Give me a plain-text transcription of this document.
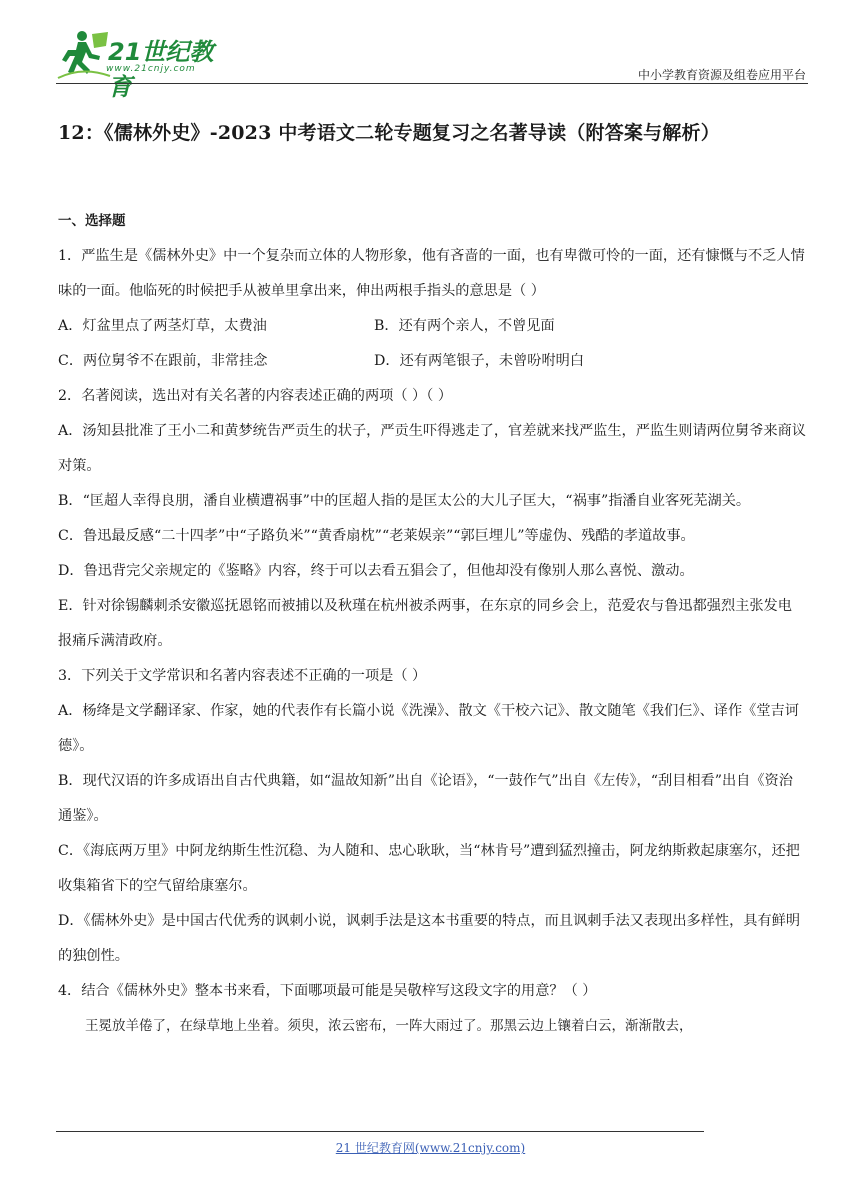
21世纪教育
www.21cnjy.com	中小学教育资源及组卷应用平台
12：《儒林外史》-2023 中考语文二轮专题复习之名著导读（附答案与解析）

一、选择题

1．严监生是《儒林外史》中一个复杂而立体的人物形象，他有吝啬的一面，也有卑微可怜的一面，还有慷慨与不乏人情味的一面。他临死的时候把手从被单里拿出来，伸出两根手指头的意思是（ ）

A．灯盆里点了两茎灯草，太费油	B．还有两个亲人，不曾见面
C．两位舅爷不在跟前，非常挂念	D．还有两笔银子，未曾吩咐明白

2．名著阅读，选出对有关名著的内容表述正确的两项（ ）（ ）

A．汤知县批准了王小二和黄梦统告严贡生的状子，严贡生吓得逃走了，官差就来找严监生，严监生则请两位舅爷来商议对策。

B．“匡超人幸得良朋，潘自业横遭祸事”中的匡超人指的是匡太公的大儿子匡大，“祸事”指潘自业客死芜湖关。

C．鲁迅最反感“二十四孝”中“子路负米”“黄香扇枕”“老莱娱亲”“郭巨埋儿”等虚伪、残酷的孝道故事。

D．鲁迅背完父亲规定的《鉴略》内容，终于可以去看五猖会了，但他却没有像别人那么喜悦、激动。

E．针对徐锡麟刺杀安徽巡抚恩铭而被捕以及秋瑾在杭州被杀两事，在东京的同乡会上，范爱农与鲁迅都强烈主张发电报痛斥满清政府。

3．下列关于文学常识和名著内容表述不正确的一项是（ ）

A．杨绛是文学翻译家、作家，她的代表作有长篇小说《洗澡》、散文《干校六记》、散文随笔《我们仨》、译作《堂吉诃德》。

B．现代汉语的许多成语出自古代典籍，如“温故知新”出自《论语》，“一鼓作气”出自《左传》，“刮目相看”出自《资治通鉴》。

C．《海底两万里》中阿龙纳斯生性沉稳、为人随和、忠心耿耿，当“林肯号”遭到猛烈撞击，阿龙纳斯救起康塞尔，还把收集箱省下的空气留给康塞尔。

D．《儒林外史》是中国古代优秀的讽刺小说，讽刺手法是这本书重要的特点，而且讽刺手法又表现出多样性，具有鲜明的独创性。

4．结合《儒林外史》整本书来看，下面哪项最可能是吴敬梓写这段文字的用意？（ ）

王冕放羊倦了，在绿草地上坐着。须臾，浓云密布，一阵大雨过了。那黑云边上镶着白云，渐渐散去，

21 世纪教育网(www.21cnjy.com)
